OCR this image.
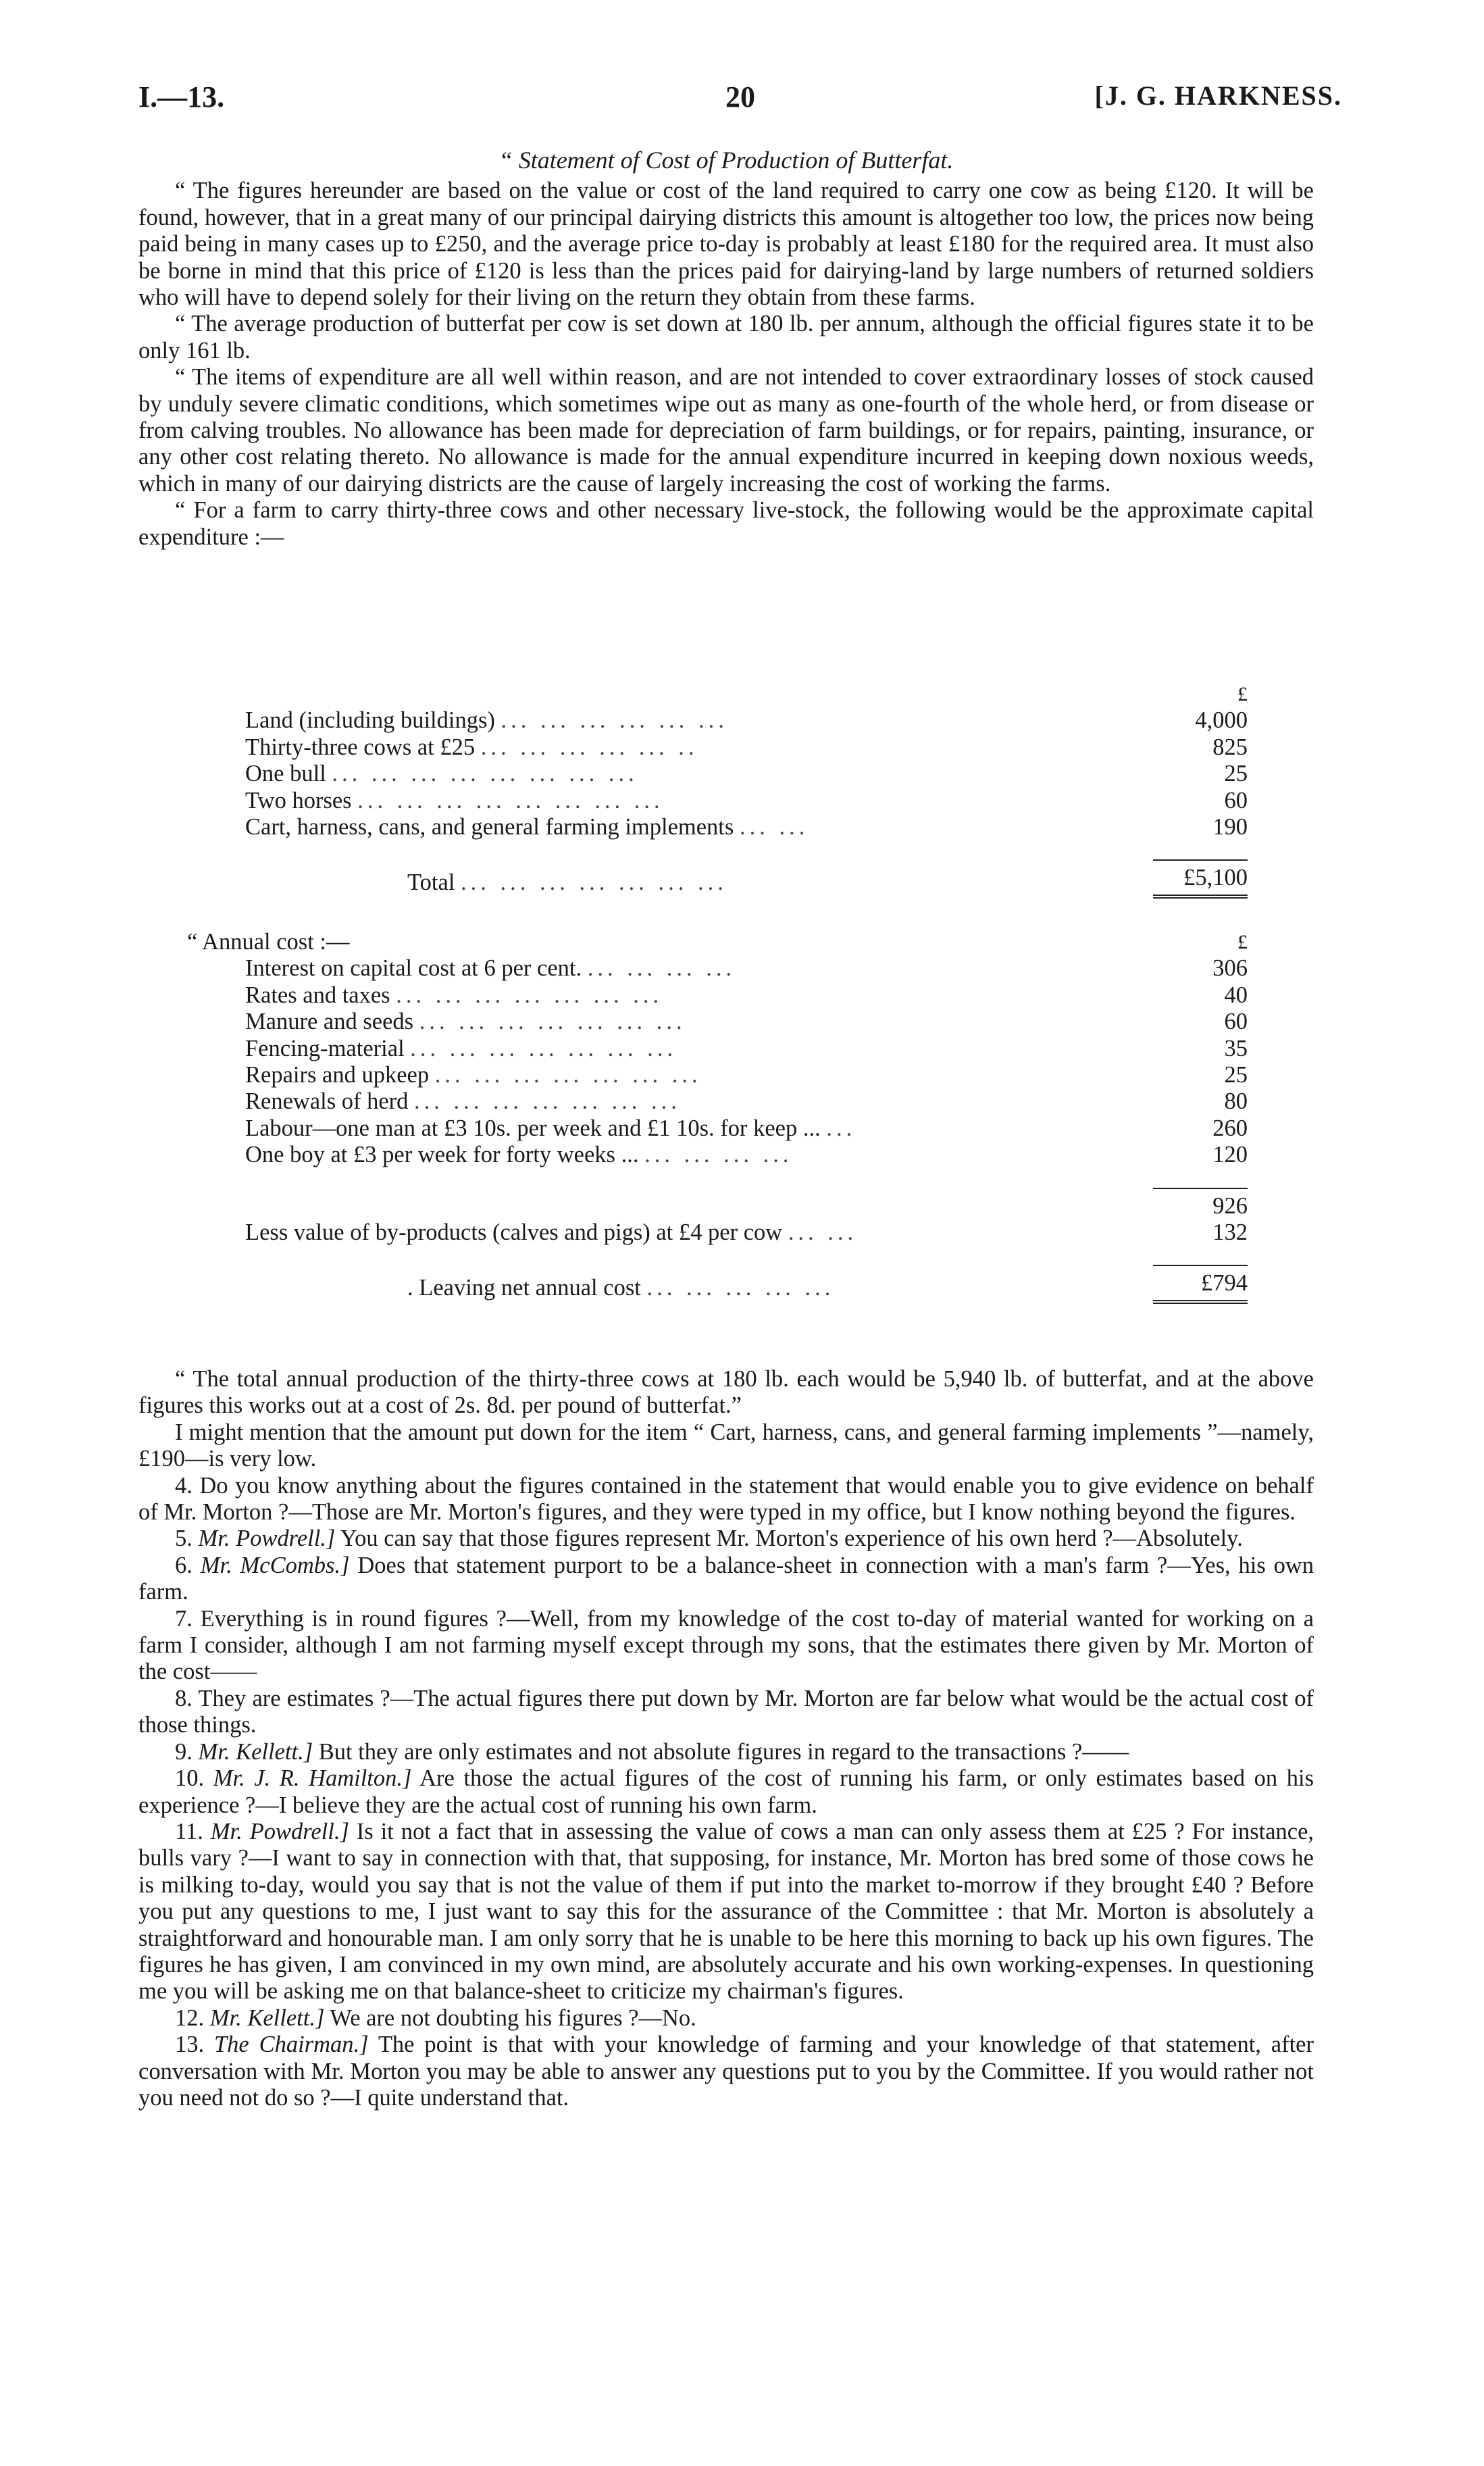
I.—13.	20	[J. G. HARKNESS.
“ Statement of Cost of Production of Butterfat.

“ The figures hereunder are based on the value or cost of the land required to carry one cow as being £120. It will be found, however, that in a great many of our principal dairying districts this amount is altogether too low, the prices now being paid being in many cases up to £250, and the average price to-day is probably at least £180 for the required area. It must also be borne in mind that this price of £120 is less than the prices paid for dairying-land by large numbers of returned soldiers who will have to depend solely for their living on the return they obtain from these farms.

“ The average production of butterfat per cow is set down at 180 lb. per annum, although the official figures state it to be only 161 lb.

“ The items of expenditure are all well within reason, and are not intended to cover extraordinary losses of stock caused by unduly severe climatic conditions, which sometimes wipe out as many as one-fourth of the whole herd, or from disease or from calving troubles. No allowance has been made for depreciation of farm buildings, or for repairs, painting, insurance, or any other cost relating thereto. No allowance is made for the annual expenditure incurred in keeping down noxious weeds, which in many of our dairying districts are the cause of largely increasing the cost of working the farms.

“ For a farm to carry thirty-three cows and other necessary live-stock, the following would be the approximate capital expenditure :—

	£
Land (including buildings) ... ... ... ... ... ...	4,000
Thirty-three cows at £25 ... ... ... ... ... ..	825
One bull ... ... ... ... ... ... ... ...	25
Two horses ... ... ... ... ... ... ... ...	60
Cart, harness, cans, and general farming implements ... ...	190

Total ... ... ... ... ... ... ...	£5,100

“ Annual cost :—

		£
Interest on capital cost at 6 per cent. ... ... ... ...	306
Rates and taxes ... ... ... ... ... ... ...	40
Manure and seeds ... ... ... ... ... ... ...	60
Fencing-material ... ... ... ... ... ... ...	35
Repairs and upkeep ... ... ... ... ... ... ...	25
Renewals of herd ... ... ... ... ... ... ...	80
Labour—one man at £3 10s. per week and £1 10s. for keep ... ...	260
One boy at £3 per week for forty weeks ... ... ... ... ...	120

	926
Less value of by-products (calves and pigs) at £4 per cow ... ...	132

. Leaving net annual cost ... ... ... ... ...	£794

“ The total annual production of the thirty-three cows at 180 lb. each would be 5,940 lb. of butterfat, and at the above figures this works out at a cost of 2s. 8d. per pound of butterfat.”

I might mention that the amount put down for the item “ Cart, harness, cans, and general farming implements ”—namely, £190—is very low.

4. Do you know anything about the figures contained in the statement that would enable you to give evidence on behalf of Mr. Morton ?—Those are Mr. Morton's figures, and they were typed in my office, but I know nothing beyond the figures.

5. Mr. Powdrell.] You can say that those figures represent Mr. Morton's experience of his own herd ?—Absolutely.

6. Mr. McCombs.] Does that statement purport to be a balance-sheet in connection with a man's farm ?—Yes, his own farm.

7. Everything is in round figures ?—Well, from my knowledge of the cost to-day of material wanted for working on a farm I consider, although I am not farming myself except through my sons, that the estimates there given by Mr. Morton of the cost——

8. They are estimates ?—The actual figures there put down by Mr. Morton are far below what would be the actual cost of those things.

9. Mr. Kellett.] But they are only estimates and not absolute figures in regard to the transactions ?——

10. Mr. J. R. Hamilton.] Are those the actual figures of the cost of running his farm, or only estimates based on his experience ?—I believe they are the actual cost of running his own farm.

11. Mr. Powdrell.] Is it not a fact that in assessing the value of cows a man can only assess them at £25 ? For instance, bulls vary ?—I want to say in connection with that, that supposing, for instance, Mr. Morton has bred some of those cows he is milking to-day, would you say that is not the value of them if put into the market to-morrow if they brought £40 ? Before you put any questions to me, I just want to say this for the assurance of the Committee : that Mr. Morton is absolutely a straightforward and honourable man. I am only sorry that he is unable to be here this morning to back up his own figures. The figures he has given, I am convinced in my own mind, are absolutely accurate and his own working-expenses. In questioning me you will be asking me on that balance-sheet to criticize my chairman's figures.

12. Mr. Kellett.] We are not doubting his figures ?—No.

13. The Chairman.] The point is that with your knowledge of farming and your knowledge of that statement, after conversation with Mr. Morton you may be able to answer any questions put to you by the Committee. If you would rather not you need not do so ?—I quite understand that.
